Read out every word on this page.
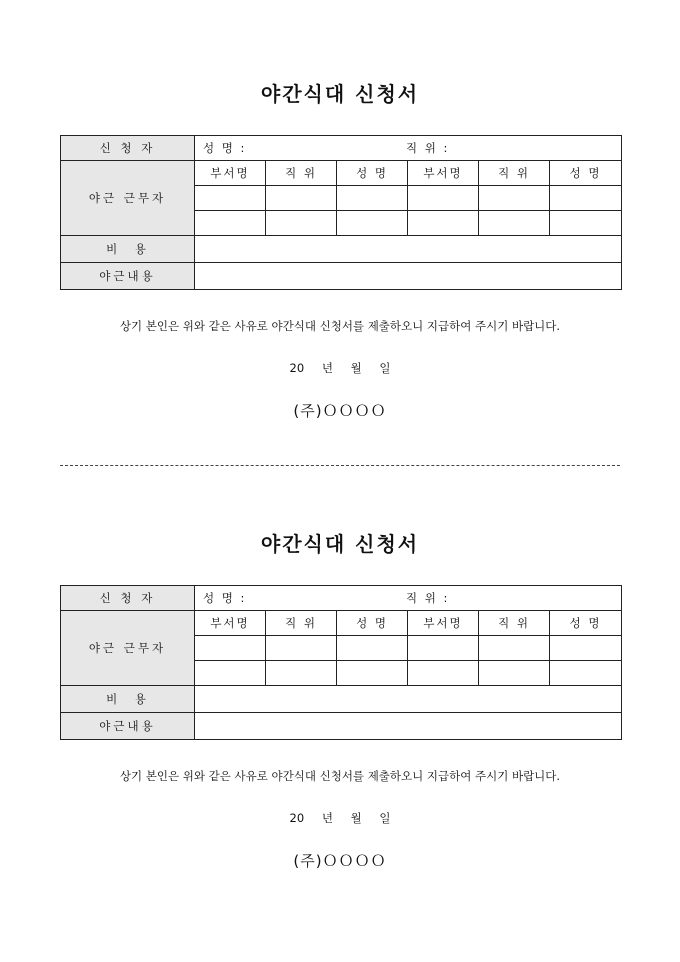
야간식대 신청서
신 청 자	성 명 : 직 위 :					

야근 근무자	부서명	직 위	성 명	부서명	직 위	성 명

비　용						
야근내용						
상기 본인은 위와 같은 사유로 야간식대 신청서를 제출하오니 지급하여 주시기 바랍니다.
20 년 월 일
(주)ＯＯＯＯ
야간식대 신청서
신 청 자	성 명 : 직 위 :					

야근 근무자	부서명	직 위	성 명	부서명	직 위	성 명

비　용						
야근내용						
상기 본인은 위와 같은 사유로 야간식대 신청서를 제출하오니 지급하여 주시기 바랍니다.
20 년 월 일
(주)ＯＯＯＯ
